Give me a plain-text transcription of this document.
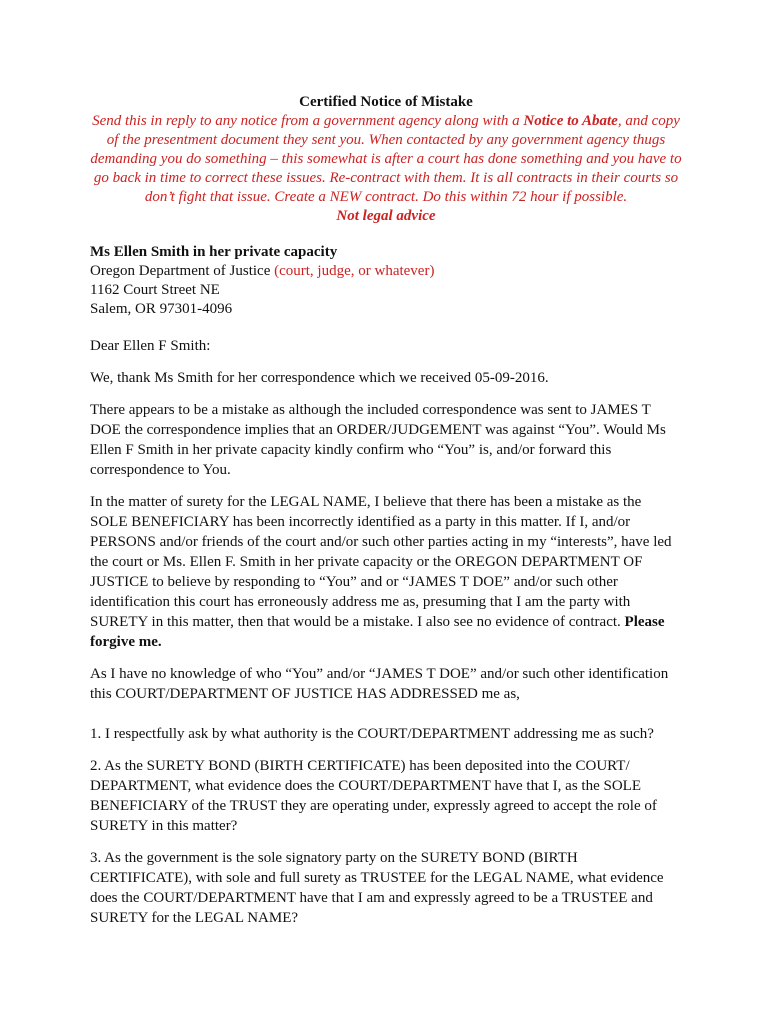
Certified Notice of Mistake

Send this in reply to any notice from a government agency along with a Notice to Abate, and copy of the presentment document they sent you. When contacted by any government agency thugs demanding you do something – this somewhat is after a court has done something and you have to go back in time to correct these issues. Re-contract with them. It is all contracts in their courts so don’t fight that issue. Create a NEW contract. Do this within 72 hour if possible.

Not legal advice

Ms Ellen Smith in her private capacity
Oregon Department of Justice (court, judge, or whatever)
1162 Court Street NE
Salem, OR 97301-4096

Dear Ellen F Smith:

We, thank Ms Smith for her correspondence which we received 05-09-2016.

There appears to be a mistake as although the included correspondence was sent to JAMES T DOE the correspondence implies that an ORDER/JUDGEMENT was against “You”. Would Ms Ellen F Smith in her private capacity kindly confirm who “You” is, and/or forward this correspondence to You.

In the matter of surety for the LEGAL NAME, I believe that there has been a mistake as the SOLE BENEFICIARY has been incorrectly identified as a party in this matter. If I, and/or PERSONS and/or friends of the court and/or such other parties acting in my “interests”, have led the court or Ms. Ellen F. Smith in her private capacity or the OREGON DEPARTMENT OF JUSTICE to believe by responding to “You” and or “JAMES T DOE” and/or such other identification this court has erroneously address me as, presuming that I am the party with SURETY in this matter, then that would be a mistake. I also see no evidence of contract. Please forgive me.

As I have no knowledge of who “You” and/or “JAMES T DOE” and/or such other identification this COURT/DEPARTMENT OF JUSTICE HAS ADDRESSED me as,

1. I respectfully ask by what authority is the COURT/DEPARTMENT addressing me as such?

2. As the SURETY BOND (BIRTH CERTIFICATE) has been deposited into the COURT/ DEPARTMENT, what evidence does the COURT/DEPARTMENT have that I, as the SOLE BENEFICIARY of the TRUST they are operating under, expressly agreed to accept the role of SURETY in this matter?

3. As the government is the sole signatory party on the SURETY BOND (BIRTH CERTIFICATE), with sole and full surety as TRUSTEE for the LEGAL NAME, what evidence does the COURT/DEPARTMENT have that I am and expressly agreed to be a TRUSTEE and SURETY for the LEGAL NAME?
